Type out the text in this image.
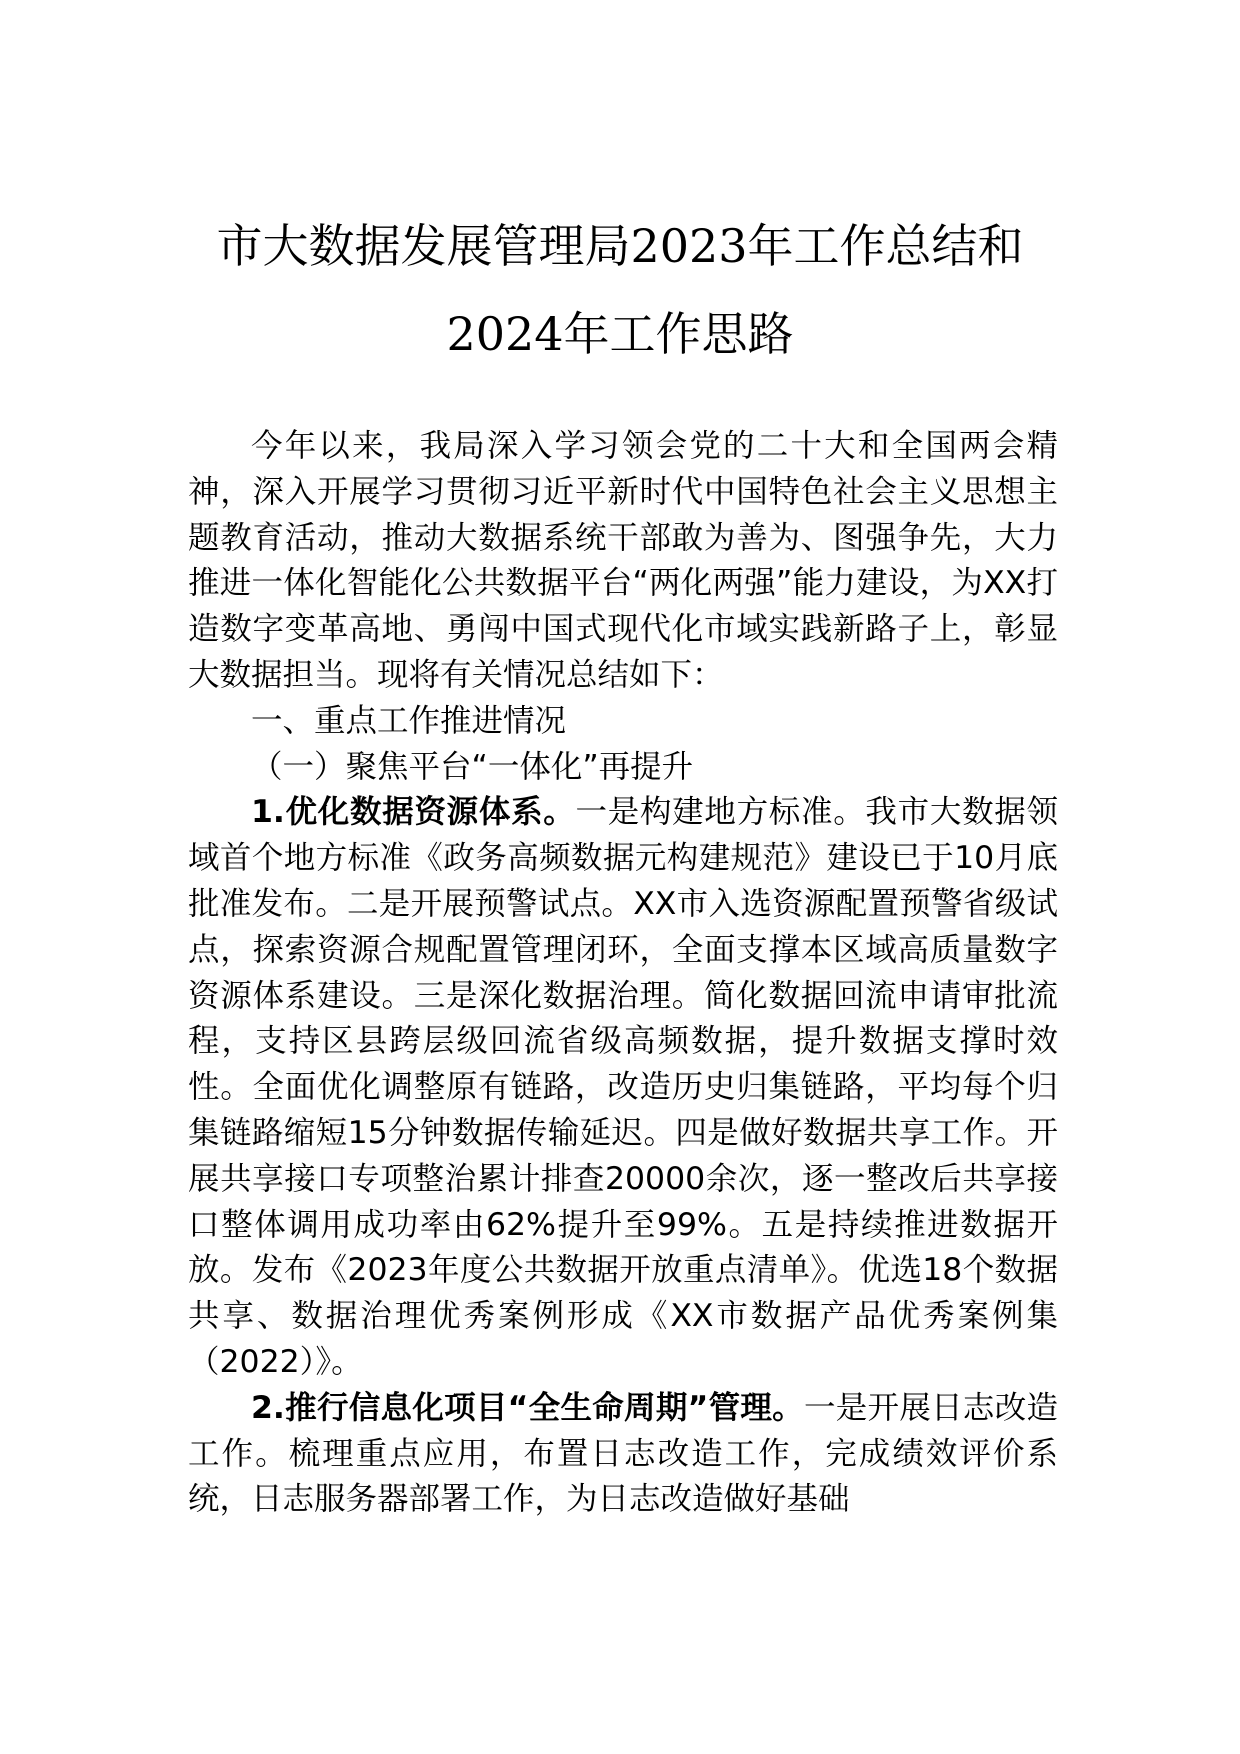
市大数据发展管理局2023年工作总结和
2024年工作思路

今年以来，我局深入学习领会党的二十大和全国两会精神，深入开展学习贯彻习近平新时代中国特色社会主义思想主题教育活动，推动大数据系统干部敢为善为、图强争先，大力推进一体化智能化公共数据平台“两化两强”能力建设，为XX打造数字变革高地、勇闯中国式现代化市域实践新路子上，彰显大数据担当。现将有关情况总结如下：

一、重点工作推进情况

（一）聚焦平台“一体化”再提升

1.优化数据资源体系。一是构建地方标准。我市大数据领域首个地方标准《政务高频数据元构建规范》建设已于10月底批准发布。二是开展预警试点。XX市入选资源配置预警省级试点，探索资源合规配置管理闭环，全面支撑本区域高质量数字资源体系建设。三是深化数据治理。简化数据回流申请审批流程，支持区县跨层级回流省级高频数据，提升数据支撑时效性。全面优化调整原有链路，改造历史归集链路，平均每个归集链路缩短15分钟数据传输延迟。四是做好数据共享工作。开展共享接口专项整治累计排查20000余次，逐一整改后共享接口整体调用成功率由62%提升至99%。五是持续推进数据开放。发布《2023年度公共数据开放重点清单》。优选18个数据共享、数据治理优秀案例形成《XX市数据产品优秀案例集（2022）》。

2.推行信息化项目“全生命周期”管理。一是开展日志改造工作。梳理重点应用，布置日志改造工作，完成绩效评价系统，日志服务器部署工作，为日志改造做好基础
